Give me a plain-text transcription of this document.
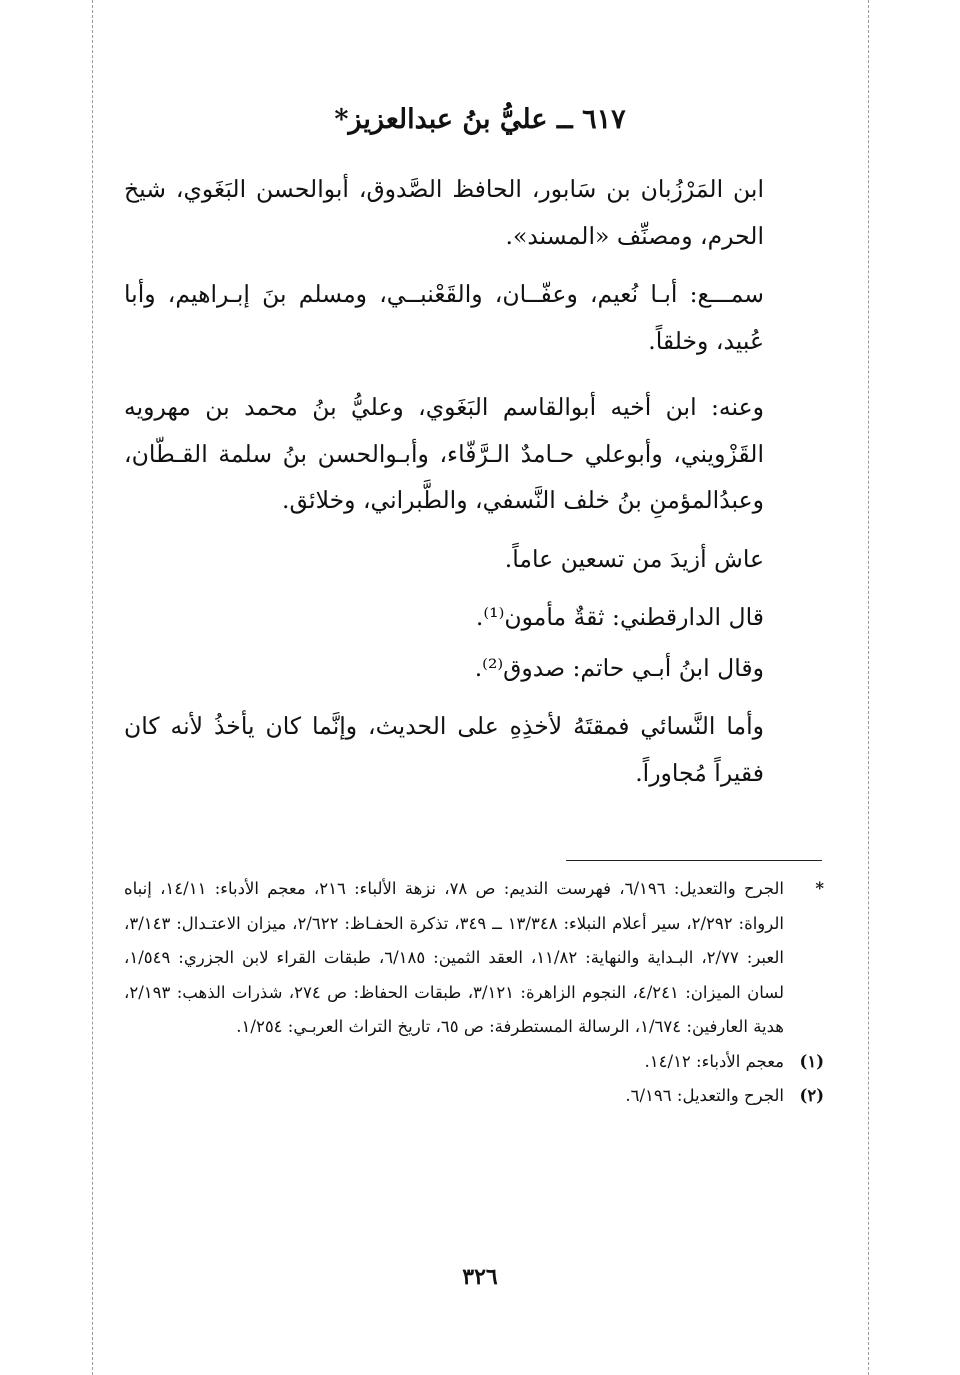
٦١٧ ــ عليُّ بنُ عبدالعزيز*

ابن المَرْزُبان بن سَابور، الحافظ الصَّدوق، أبوالحسن البَغَوي، شيخ الحرم، ومصنِّف «المسند».

سمـــع: أبـا نُعيم، وعفّــان، والقَعْنبــي، ومسلم بنَ إبـراهيم، وأبا عُبيد، وخلقاً.

وعنه: ابن أخيه أبوالقاسم البَغَوي، وعليُّ بنُ محمد بن مهرويه القَزْويني، وأبوعلي حـامدٌ الـرَّفّاء، وأبـوالحسن بنُ سلمة القـطّان، وعبدُالمؤمنِ بنُ خلف النَّسفي، والطَّبراني، وخلائق.

عاش أزيدَ من تسعين عاماً.

قال الدارقطني: ثقةٌ مأمون⁽¹⁾.

وقال ابنُ أبـي حاتم: صدوق⁽²⁾.

وأما النَّسائي فمقتَهُ لأخذِهِ على الحديث، وإنَّما كان يأخذُ لأنه كان فقيراً مُجاوراً.

*

الجرح والتعديل: ٦/١٩٦، فهرست النديم: ص ٧٨، نزهة الألباء: ٢١٦، معجم الأدباء: ١٤/١١، إنباه الرواة: ٢/٢٩٢، سير أعلام النبلاء: ١٣/٣٤٨ ــ ٣٤٩، تذكرة الحفـاظ: ٢/٦٢٢، ميزان الاعتـدال: ٣/١٤٣، العبر: ٢/٧٧، البـداية والنهاية: ١١/٨٢، العقد الثمين: ٦/١٨٥، طبقات القراء لابن الجزري: ١/٥٤٩، لسان الميزان: ٤/٢٤١، النجوم الزاهرة: ٣/١٢١، طبقات الحفاظ: ص ٢٧٤، شذرات الذهب: ٢/١٩٣، هدية العارفين: ١/٦٧٤، الرسالة المستطرفة: ص ٦٥، تاريخ التراث العربـي: ١/٢٥٤.

(١)

معجم الأدباء: ١٤/١٢.

(٢)

الجرح والتعديل: ٦/١٩٦.

٣٢٦
